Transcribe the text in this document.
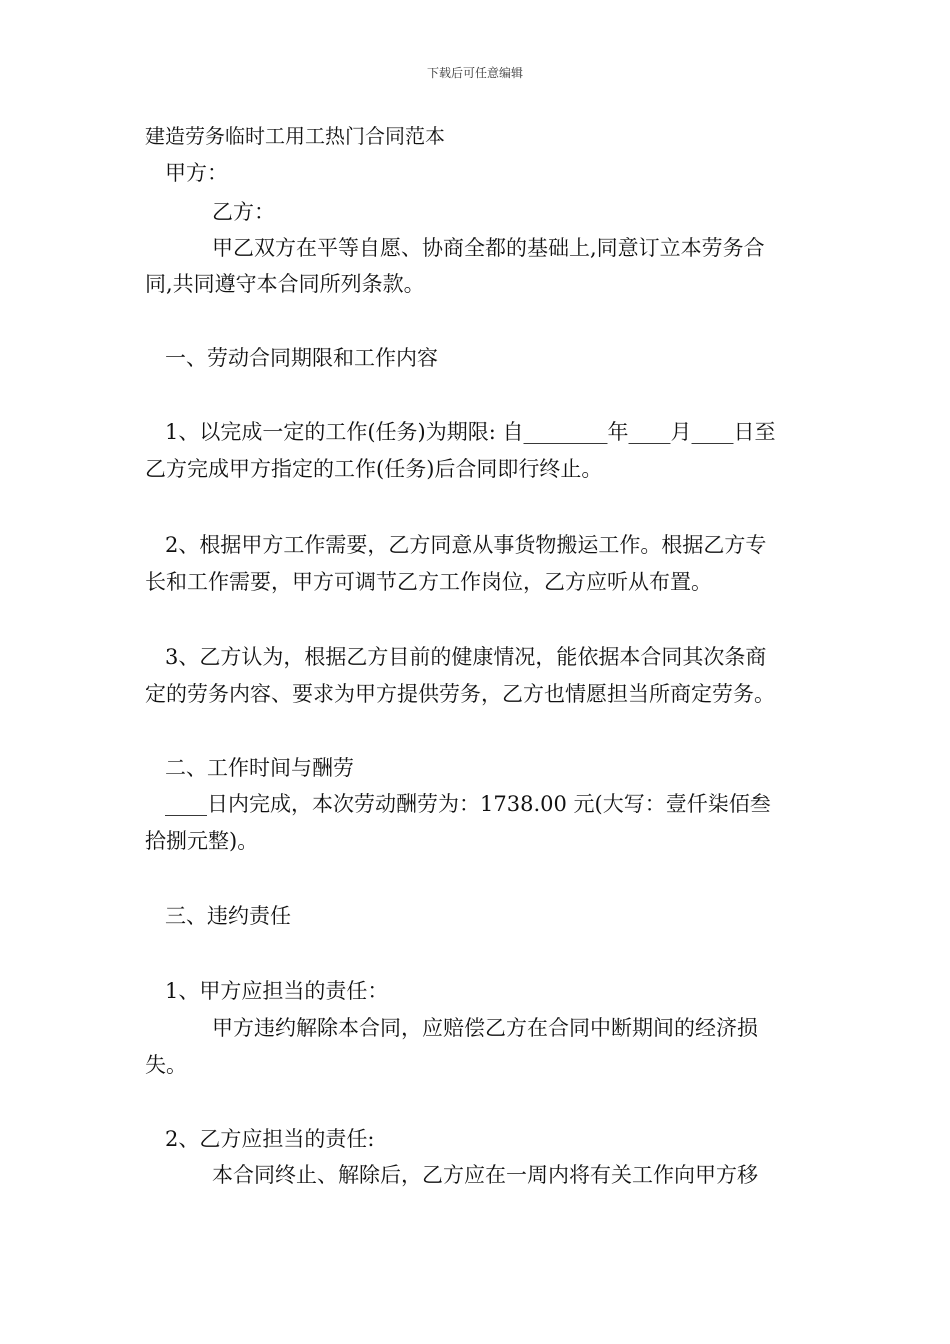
下载后可任意编辑
建造劳务临时工用工热门合同范本
甲方：
乙方：
甲乙双方在平等自愿、协商全都的基础上,同意订立本劳务合
同,共同遵守本合同所列条款。
一、劳动合同期限和工作内容
1、以完成一定的工作(任务)为期限: 自________年____月____日至
乙方完成甲方指定的工作(任务)后合同即行终止。
2、根据甲方工作需要，乙方同意从事货物搬运工作。根据乙方专
长和工作需要，甲方可调节乙方工作岗位，乙方应听从布置。
3、乙方认为，根据乙方目前的健康情况，能依据本合同其次条商
定的劳务内容、要求为甲方提供劳务，乙方也情愿担当所商定劳务。
二、工作时间与酬劳
____日内完成，本次劳动酬劳为：1738.00 元(大写：壹仟柒佰叁
拾捌元整)。
三、违约责任
1、甲方应担当的责任：
甲方违约解除本合同，应赔偿乙方在合同中断期间的经济损
失。
2、乙方应担当的责任:
本合同终止、解除后，乙方应在一周内将有关工作向甲方移
